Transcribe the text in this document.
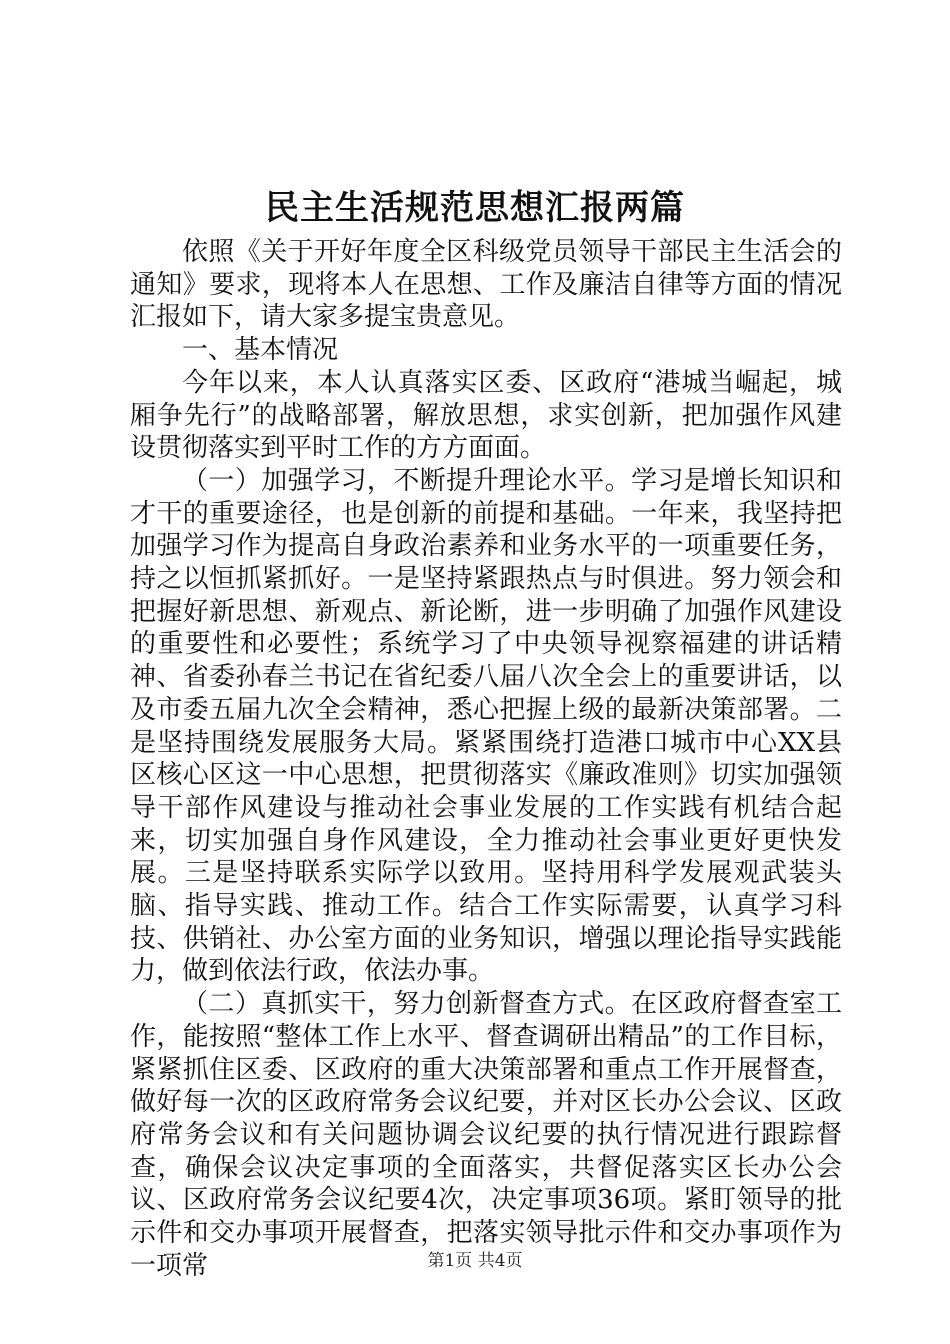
民主生活规范思想汇报两篇

依照《关于开好年度全区科级党员领导干部民主生活会的通知》要求，现将本人在思想、工作及廉洁自律等方面的情况汇报如下，请大家多提宝贵意见。

一、基本情况

今年以来，本人认真落实区委、区政府“港城当崛起，城厢争先行”的战略部署，解放思想，求实创新，把加强作风建设贯彻落实到平时工作的方方面面。

（一）加强学习，不断提升理论水平。学习是增长知识和才干的重要途径，也是创新的前提和基础。一年来，我坚持把加强学习作为提高自身政治素养和业务水平的一项重要任务，持之以恒抓紧抓好。一是坚持紧跟热点与时俱进。努力领会和把握好新思想、新观点、新论断，进一步明确了加强作风建设的重要性和必要性；系统学习了中央领导视察福建的讲话精神、省委孙春兰书记在省纪委八届八次全会上的重要讲话，以及市委五届九次全会精神，悉心把握上级的最新决策部署。二是坚持围绕发展服务大局。紧紧围绕打造港口城市中心XX县区核心区这一中心思想，把贯彻落实《廉政准则》切实加强领导干部作风建设与推动社会事业发展的工作实践有机结合起来，切实加强自身作风建设，全力推动社会事业更好更快发展。三是坚持联系实际学以致用。坚持用科学发展观武装头脑、指导实践、推动工作。结合工作实际需要，认真学习科技、供销社、办公室方面的业务知识，增强以理论指导实践能力，做到依法行政，依法办事。

（二）真抓实干，努力创新督查方式。在区政府督查室工作，能按照“整体工作上水平、督查调研出精品”的工作目标，紧紧抓住区委、区政府的重大决策部署和重点工作开展督查，做好每一次的区政府常务会议纪要，并对区长办公会议、区政府常务会议和有关问题协调会议纪要的执行情况进行跟踪督查，确保会议决定事项的全面落实，共督促落实区长办公会议、区政府常务会议纪要4次，决定事项36项。紧盯领导的批示件和交办事项开展督查，把落实领导批示件和交办事项作为一项常	第1页 共4页
